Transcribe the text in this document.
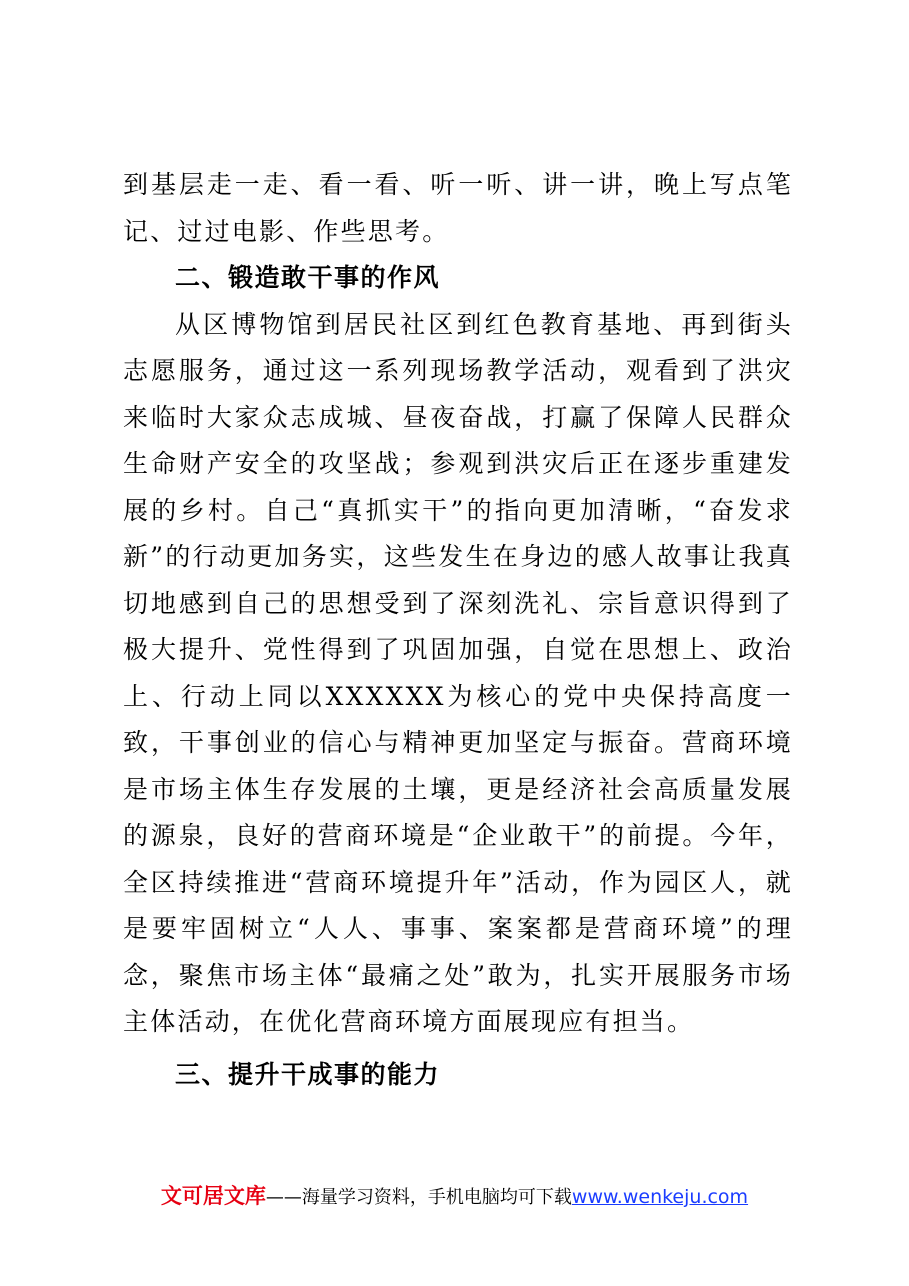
到基层走一走、看一看、听一听、讲一讲，晚上写点笔记、过过电影、作些思考。

二、锻造敢干事的作风

从区博物馆到居民社区到红色教育基地、再到街头志愿服务，通过这一系列现场教学活动，观看到了洪灾来临时大家众志成城、昼夜奋战，打赢了保障人民群众生命财产安全的攻坚战；参观到洪灾后正在逐步重建发展的乡村。自己“真抓实干”的指向更加清晰，“奋发求新”的行动更加务实，这些发生在身边的感人故事让我真切地感到自己的思想受到了深刻洗礼、宗旨意识得到了极大提升、党性得到了巩固加强，自觉在思想上、政治上、行动上同以XXXXXX为核心的党中央保持高度一致，干事创业的信心与精神更加坚定与振奋。营商环境是市场主体生存发展的土壤，更是经济社会高质量发展的源泉，良好的营商环境是“企业敢干”的前提。今年，全区持续推进“营商环境提升年”活动，作为园区人，就是要牢固树立“人人、事事、案案都是营商环境”的理念，聚焦市场主体“最痛之处”敢为，扎实开展服务市场主体活动，在优化营商环境方面展现应有担当。

三、提升干成事的能力

文可居文库——海量学习资料，手机电脑均可下载www.wenkeju.com
